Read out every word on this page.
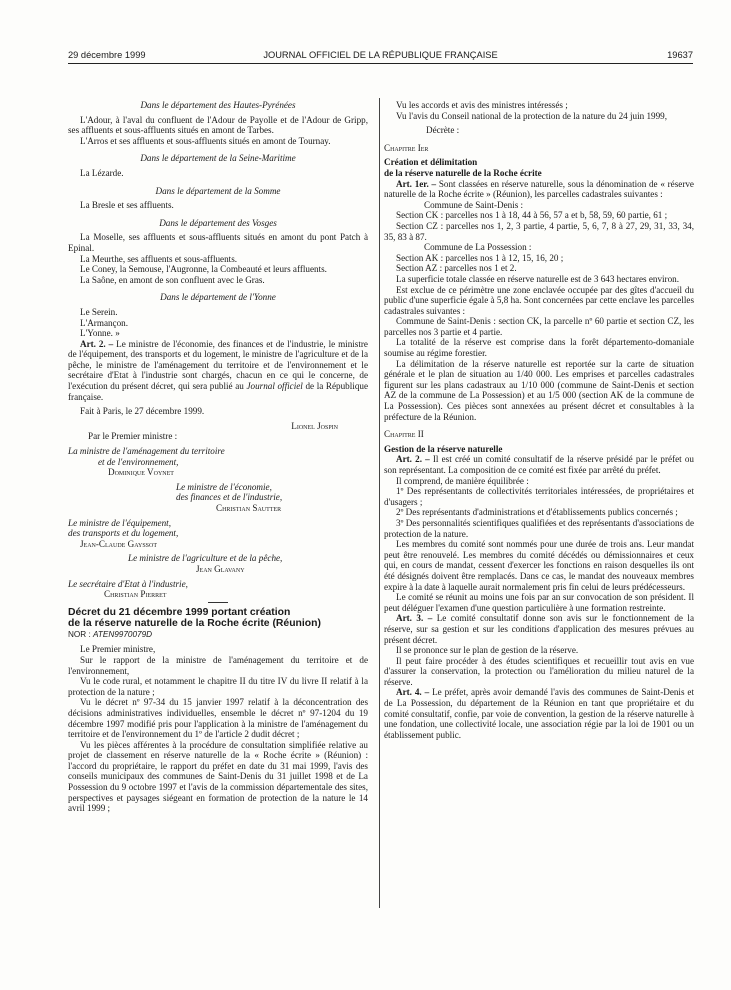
29 décembre 1999	JOURNAL OFFICIEL DE LA RÉPUBLIQUE FRANÇAISE	19637

Dans le département des Hautes-Pyrénées

L'Adour, à l'aval du confluent de l'Adour de Payolle et de l'Adour de Gripp, ses affluents et sous-affluents situés en amont de Tarbes.

L'Arros et ses affluents et sous-affluents situés en amont de Tournay.

Dans le département de la Seine-Maritime

La Lézarde.

Dans le département de la Somme

La Bresle et ses affluents.

Dans le département des Vosges

La Moselle, ses affluents et sous-affluents situés en amont du pont Patch à Epinal.

La Meurthe, ses affluents et sous-affluents.

Le Coney, la Semouse, l'Augronne, la Combeauté et leurs affluents.

La Saône, en amont de son confluent avec le Gras.

Dans le département de l'Yonne

Le Serein.

L'Armançon.

L'Yonne. »

Art. 2. – Le ministre de l'économie, des finances et de l'industrie, le ministre de l'équipement, des transports et du logement, le ministre de l'agriculture et de la pêche, le ministre de l'aménagement du territoire et de l'environnement et le secrétaire d'Etat à l'industrie sont chargés, chacun en ce qui le concerne, de l'exécution du présent décret, qui sera publié au Journal officiel de la République française.

Fait à Paris, le 27 décembre 1999.

Lionel Jospin

Par le Premier ministre :

La ministre de l'aménagement du territoire

et de l'environnement,

Dominique Voynet

Le ministre de l'économie,

des finances et de l'industrie,

Christian Sautter

Le ministre de l'équipement,

des transports et du logement,

Jean-Claude Gayssot

Le ministre de l'agriculture et de la pêche,

Jean Glavany

Le secrétaire d'Etat à l'industrie,

Christian Pierret

Décret du 21 décembre 1999 portant création

de la réserve naturelle de la Roche écrite (Réunion)

NOR : ATEN9970079D

Le Premier ministre,

Sur le rapport de la ministre de l'aménagement du territoire et de l'environnement,

Vu le code rural, et notamment le chapitre II du titre IV du livre II relatif à la protection de la nature ;

Vu le décret nº 97-34 du 15 janvier 1997 relatif à la déconcentration des décisions administratives individuelles, ensemble le décret nº 97-1204 du 19 décembre 1997 modifié pris pour l'application à la ministre de l'aménagement du territoire et de l'environnement du 1º de l'article 2 dudit décret ;

Vu les pièces afférentes à la procédure de consultation simplifiée relative au projet de classement en réserve naturelle de la « Roche écrite » (Réunion) : l'accord du propriétaire, le rapport du préfet en date du 31 mai 1999, l'avis des conseils municipaux des communes de Saint-Denis du 31 juillet 1998 et de La Possession du 9 octobre 1997 et l'avis de la commission départementale des sites, perspectives et paysages siégeant en formation de protection de la nature le 14 avril 1999 ;

Vu les accords et avis des ministres intéressés ;

Vu l'avis du Conseil national de la protection de la nature du 24 juin 1999,

Décrète :

Chapitre Ier

Création et délimitation

de la réserve naturelle de la Roche écrite

Art. 1er. – Sont classées en réserve naturelle, sous la dénomination de « réserve naturelle de la Roche écrite » (Réunion), les parcelles cadastrales suivantes :

Commune de Saint-Denis :

Section CK : parcelles nos 1 à 18, 44 à 56, 57 a et b, 58, 59, 60 partie, 61 ;

Section CZ : parcelles nos 1, 2, 3 partie, 4 partie, 5, 6, 7, 8 à 27, 29, 31, 33, 34, 35, 83 à 87.

Commune de La Possession :

Section AK : parcelles nos 1 à 12, 15, 16, 20 ;

Section AZ : parcelles nos 1 et 2.

La superficie totale classée en réserve naturelle est de 3 643 hectares environ.

Est exclue de ce périmètre une zone enclavée occupée par des gîtes d'accueil du public d'une superficie égale à 5,8 ha. Sont concernées par cette enclave les parcelles cadastrales suivantes :

Commune de Saint-Denis : section CK, la parcelle nº 60 partie et section CZ, les parcelles nos 3 partie et 4 partie.

La totalité de la réserve est comprise dans la forêt départemento-domaniale soumise au régime forestier.

La délimitation de la réserve naturelle est reportée sur la carte de situation générale et le plan de situation au 1/40 000. Les emprises et parcelles cadastrales figurent sur les plans cadastraux au 1/10 000 (commune de Saint-Denis et section AZ de la commune de La Possession) et au 1/5 000 (section AK de la commune de La Possession). Ces pièces sont annexées au présent décret et consultables à la préfecture de la Réunion.

Chapitre II

Gestion de la réserve naturelle

Art. 2. – Il est créé un comité consultatif de la réserve présidé par le préfet ou son représentant. La composition de ce comité est fixée par arrêté du préfet.

Il comprend, de manière équilibrée :

1º Des représentants de collectivités territoriales intéressées, de propriétaires et d'usagers ;

2º Des représentants d'administrations et d'établissements publics concernés ;

3º Des personnalités scientifiques qualifiées et des représentants d'associations de protection de la nature.

Les membres du comité sont nommés pour une durée de trois ans. Leur mandat peut être renouvelé. Les membres du comité décédés ou démissionnaires et ceux qui, en cours de mandat, cessent d'exercer les fonctions en raison desquelles ils ont été désignés doivent être remplacés. Dans ce cas, le mandat des nouveaux membres expire à la date à laquelle aurait normalement pris fin celui de leurs prédécesseurs.

Le comité se réunit au moins une fois par an sur convocation de son président. Il peut déléguer l'examen d'une question particulière à une formation restreinte.

Art. 3. – Le comité consultatif donne son avis sur le fonctionnement de la réserve, sur sa gestion et sur les conditions d'application des mesures prévues au présent décret.

Il se prononce sur le plan de gestion de la réserve.

Il peut faire procéder à des études scientifiques et recueillir tout avis en vue d'assurer la conservation, la protection ou l'amélioration du milieu naturel de la réserve.

Art. 4. – Le préfet, après avoir demandé l'avis des communes de Saint-Denis et de La Possession, du département de la Réunion en tant que propriétaire et du comité consultatif, confie, par voie de convention, la gestion de la réserve naturelle à une fondation, une collectivité locale, une association régie par la loi de 1901 ou un établissement public.
